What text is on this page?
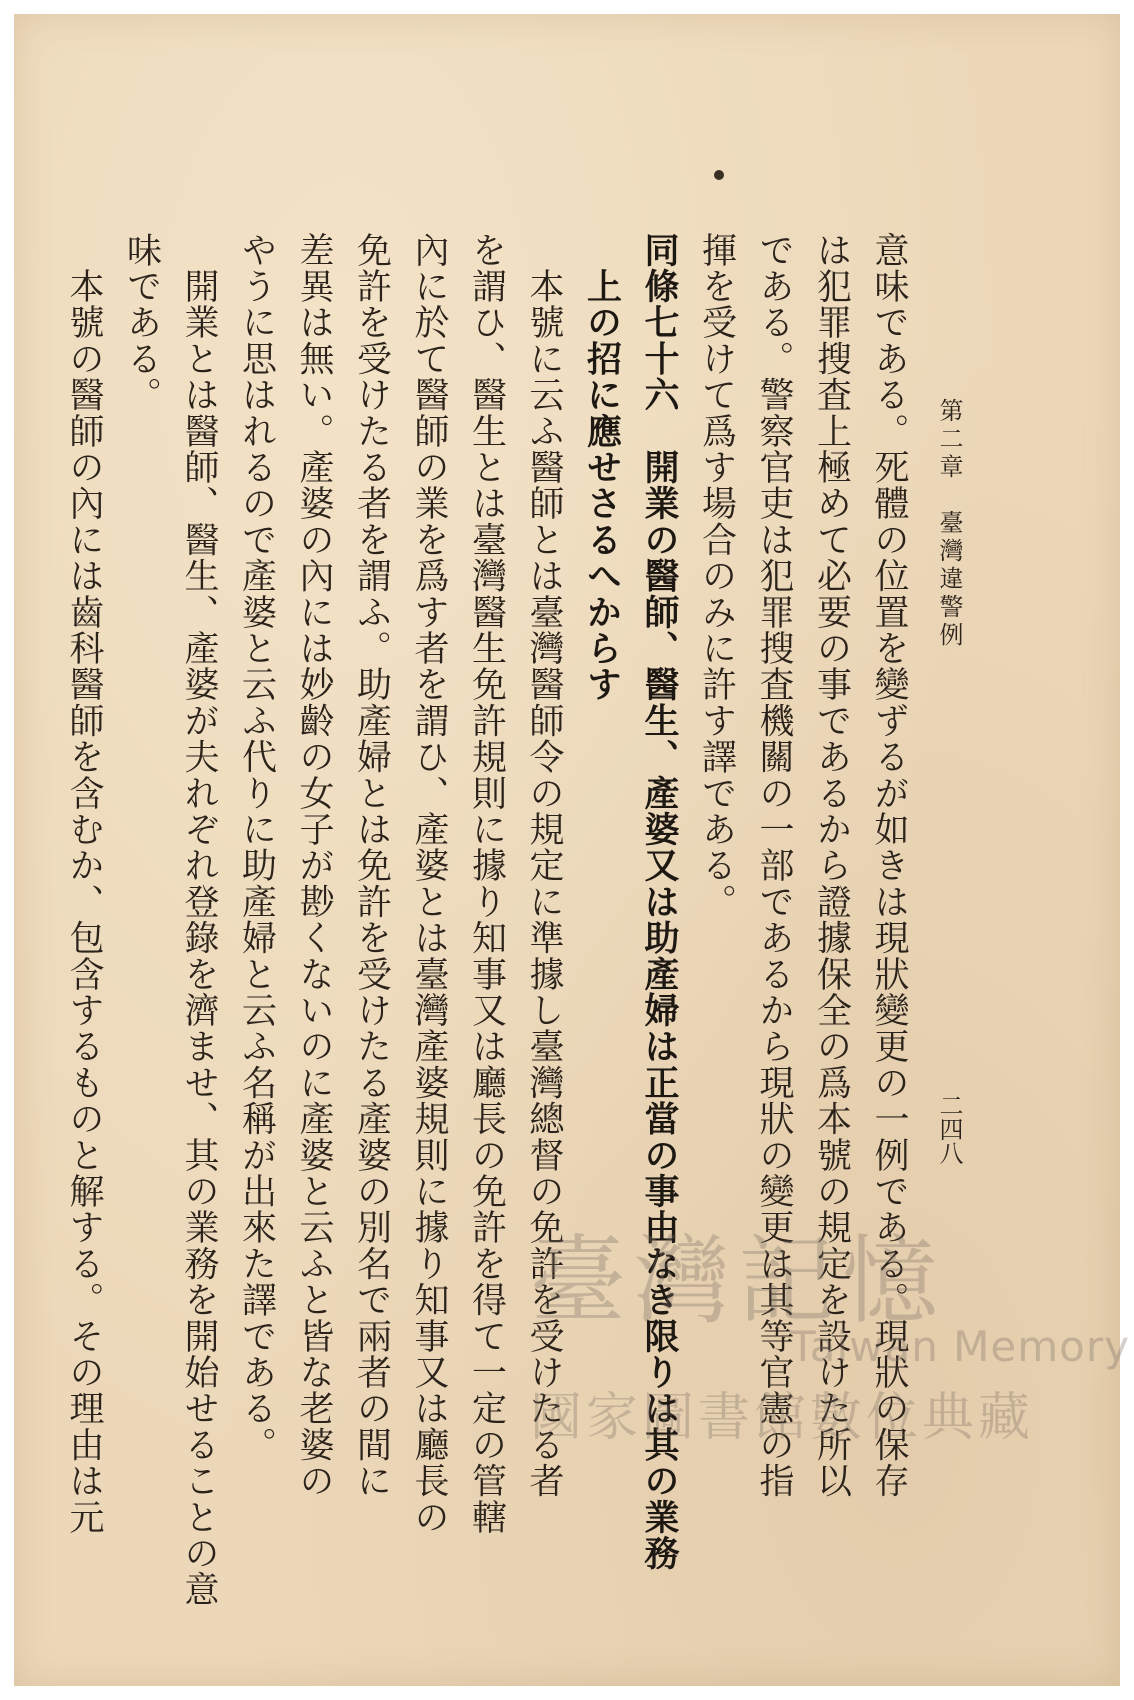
第二章　臺灣違警例
二四八
意味である。死體の位置を變ずるが如きは現狀變更の一例である。現狀の保存
は犯罪搜査上極めて必要の事であるから證據保全の爲本號の規定を設けた所以
である。警察官吏は犯罪搜査機關の一部であるから現狀の變更は其等官憲の指
揮を受けて爲す場合のみに許す譯である。
同條七十六　開業の醫師、醫生、產婆又は助產婦は正當の事由なき限りは其の業務
　上の招に應せさるへからす
　本號に云ふ醫師とは臺灣醫師令の規定に準據し臺灣總督の免許を受けたる者
を謂ひ、醫生とは臺灣醫生免許規則に據り知事又は廳長の免許を得て一定の管轄
內に於て醫師の業を爲す者を謂ひ、產婆とは臺灣產婆規則に據り知事又は廳長の
免許を受けたる者を謂ふ。助產婦とは免許を受けたる產婆の別名で兩者の間に
差異は無い。產婆の內には妙齡の女子が尠くないのに產婆と云ふと皆な老婆の
やうに思はれるので產婆と云ふ代りに助產婦と云ふ名稱が出來た譯である。
　開業とは醫師、醫生、產婆が夫れぞれ登錄を濟ませ、其の業務を開始せることの意
味である。
　本號の醫師の內には齒科醫師を含むか、包含するものと解する。その理由は元	臺灣記憶
Taiwan Memory
國家圖書館數位典藏
